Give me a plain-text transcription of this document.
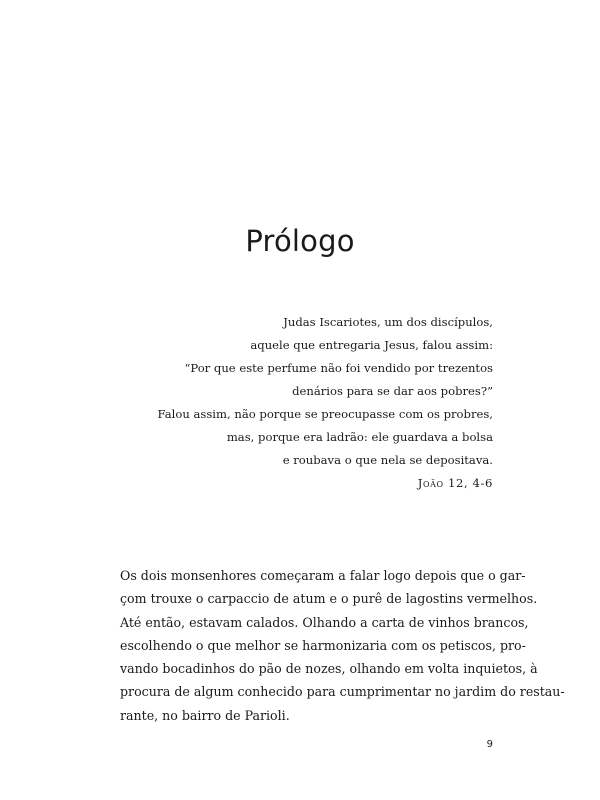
Prólogo
Judas Iscariotes, um dos discípulos,
aquele que entregaria Jesus, falou assim:
“Por que este perfume não foi vendido por trezentos
denários para se dar aos pobres?”
Falou assim, não porque se preocupasse com os probres,
mas, porque era ladrão: ele guardava a bolsa
e roubava o que nela se depositava.
João 12, 4-6
Os dois monsenhores começaram a falar logo depois que o gar-
çom trouxe o carpaccio de atum e o purê de lagostins vermelhos.
Até então, estavam calados. Olhando a carta de vinhos brancos,
escolhendo o que melhor se harmonizaria com os petiscos, pro-
vando bocadinhos do pão de nozes, olhando em volta inquietos, à
procura de algum conhecido para cumprimentar no jardim do restau-
rante, no bairro de Parioli.
9
